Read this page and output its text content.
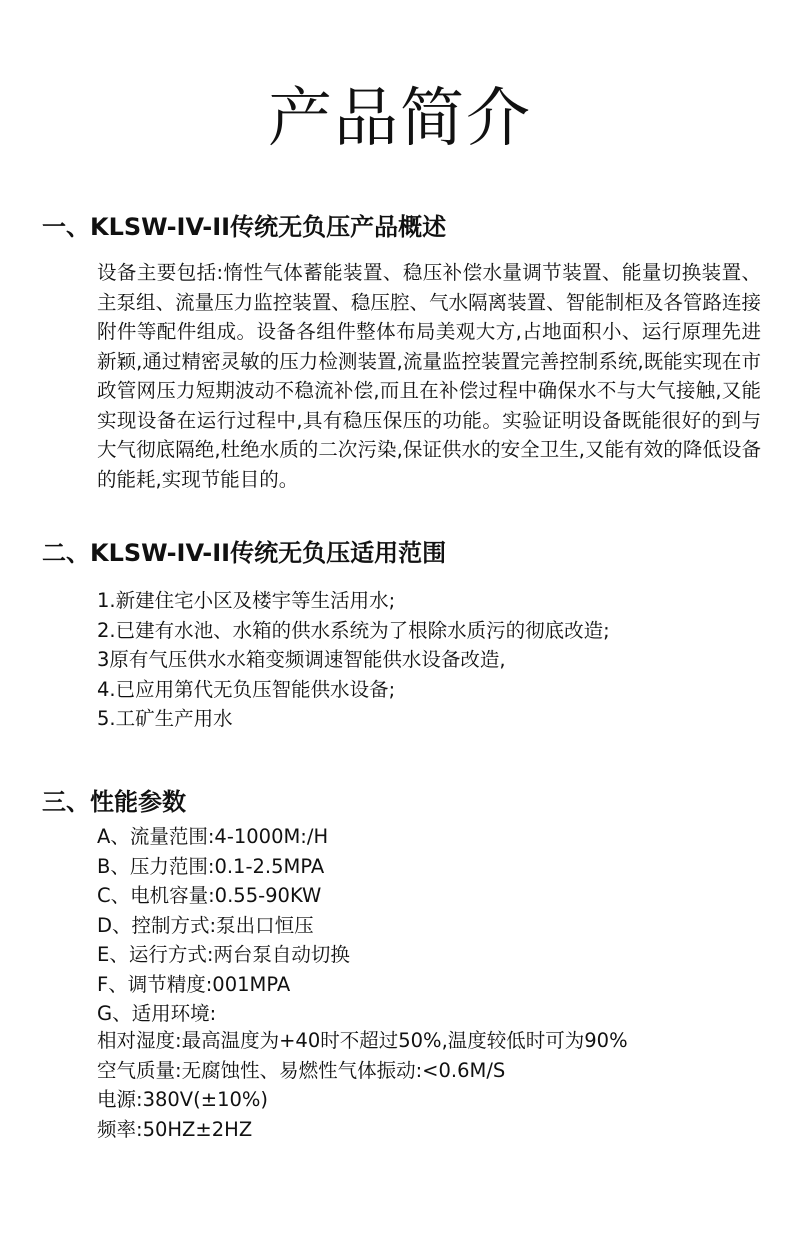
产品简介
一、KLSW-IV-II传统无负压产品概述

设备主要包括:惰性气体蓄能装置、稳压补偿水量调节装置、能量切换装置、主泵组、流量压力监控装置、稳压腔、气水隔离装置、智能制柜及各管路连接附件等配件组成。设备各组件整体布局美观大方,占地面积小、运行原理先进新颖,通过精密灵敏的压力检测装置,流量监控装置完善控制系统,既能实现在市政管网压力短期波动不稳流补偿,而且在补偿过程中确保水不与大气接触,又能实现设备在运行过程中,具有稳压保压的功能。实验证明设备既能很好的到与大气彻底隔绝,杜绝水质的二次污染,保证供水的安全卫生,又能有效的降低设备的能耗,实现节能目的。

二、KLSW-IV-II传统无负压适用范围
1.新建住宅小区及楼宇等生活用水;
2.已建有水池、水箱的供水系统为了根除水质污的彻底改造;
3原有气压供水水箱变频调速智能供水设备改造,
4.已应用第代无负压智能供水设备;
5.工矿生产用水
三、性能参数
A、流量范围:4-1000M:/H
B、压力范围:0.1-2.5MPA
C、电机容量:0.55-90KW
D、控制方式:泵出口恒压
E、运行方式:两台泵自动切换
F、调节精度:001MPA
G、适用环境:
相对湿度:最高温度为+40时不超过50%,温度较低时可为90%
空气质量:无腐蚀性、易燃性气体振动:<0.6M/S
电源:380V(±10%)
频率:50HZ±2HZ
